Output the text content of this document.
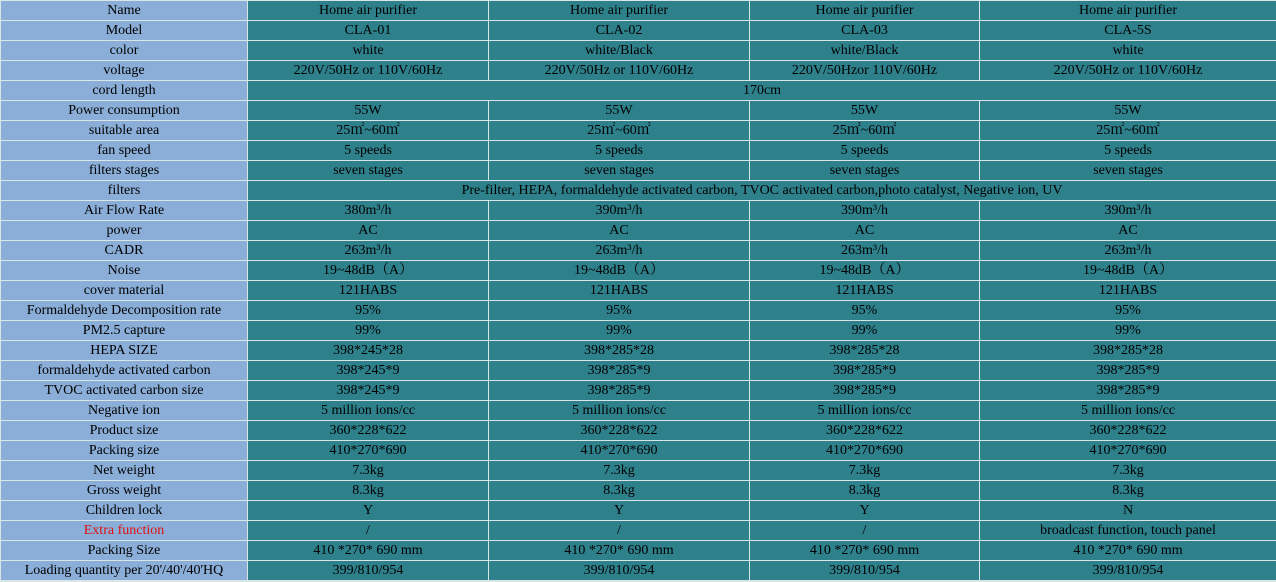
Name	Home air purifier	Home air purifier	Home air purifier	Home air purifier
Model	CLA-01	CLA-02	CLA-03	CLA-5S
color	white	white/Black	white/Black	white
voltage	220V/50Hz or 110V/60Hz	220V/50Hz or 110V/60Hz	220V/50Hzor 110V/60Hz	220V/50Hz or 110V/60Hz
cord length	170cm			
Power consumption	55W	55W	55W	55W
suitable area	25㎡~60㎡	25㎡~60㎡	25㎡~60㎡	25㎡~60㎡
fan speed	5 speeds	5 speeds	5 speeds	5 speeds
filters stages	seven stages	seven stages	seven stages	seven stages
filters	Pre-filter, HEPA, formaldehyde activated carbon, TVOC activated carbon,photo catalyst, Negative ion, UV			
Air Flow Rate	380m³/h	390m³/h	390m³/h	390m³/h
power	AC	AC	AC	AC
CADR	263m³/h	263m³/h	263m³/h	263m³/h
Noise	19~48dB（A）	19~48dB（A）	19~48dB（A）	19~48dB（A）
cover material	121HABS	121HABS	121HABS	121HABS
Formaldehyde Decomposition rate	95%	95%	95%	95%
PM2.5 capture	99%	99%	99%	99%
HEPA SIZE	398*245*28	398*285*28	398*285*28	398*285*28
formaldehyde activated carbon	398*245*9	398*285*9	398*285*9	398*285*9
TVOC activated carbon size	398*245*9	398*285*9	398*285*9	398*285*9
Negative ion	5 million ions/cc	5 million ions/cc	5 million ions/cc	5 million ions/cc
Product size	360*228*622	360*228*622	360*228*622	360*228*622
Packing size	410*270*690	410*270*690	410*270*690	410*270*690
Net weight	7.3kg	7.3kg	7.3kg	7.3kg
Gross weight	8.3kg	8.3kg	8.3kg	8.3kg
Children lock	Y	Y	Y	N
Extra function	/	/	/	broadcast function, touch panel
Packing Size	410 *270* 690 mm	410 *270* 690 mm	410 *270* 690 mm	410 *270* 690 mm
Loading quantity per 20'/40'/40'HQ	399/810/954	399/810/954	399/810/954	399/810/954
